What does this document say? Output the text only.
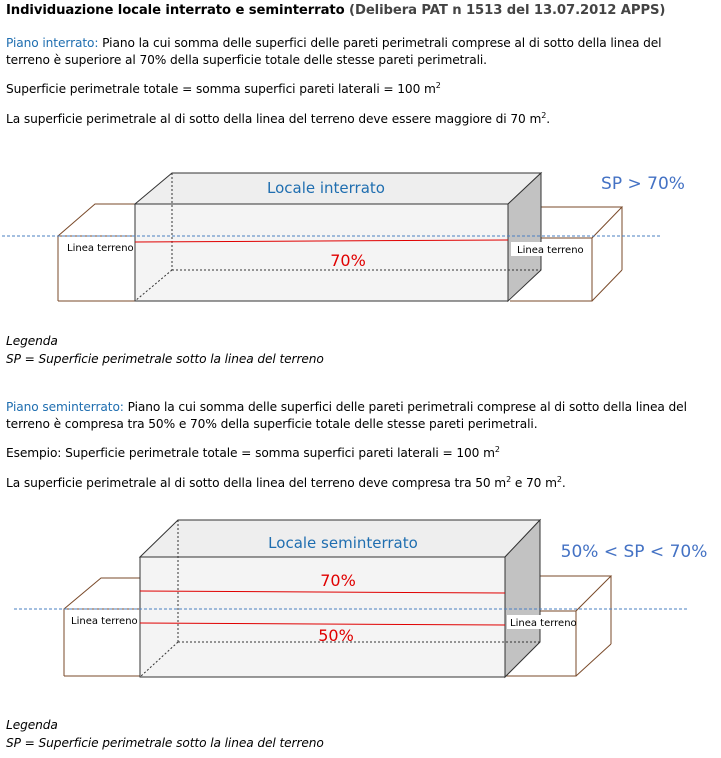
Individuazione locale interrato e seminterrato (Delibera PAT n 1513 del 13.07.2012 APPS)
Piano interrato: Piano la cui somma delle superfici delle pareti perimetrali comprese al di sotto della linea del terreno è superiore al 70% della superficie totale delle stesse pareti perimetrali.
Superficie perimetrale totale = somma superfici pareti laterali = 100 $m^2$
La superficie perimetrale al di sotto della linea del terreno deve essere maggiore di 70 $m^2$.
Linea terreno	Linea terreno
Locale interrato
70%
SP > 70%
Legenda
SP = Superficie perimetrale sotto la linea del terreno
Piano seminterrato: Piano la cui somma delle superfici delle pareti perimetrali comprese al di sotto della linea del terreno è compresa tra 50% e 70% della superficie totale delle stesse pareti perimetrali.
Esempio: Superficie perimetrale totale = somma superfici pareti laterali = 100 $m^2$
La superficie perimetrale al di sotto della linea del terreno deve compresa tra 50 $m^2$ e 70 $m^2$.
Linea terreno	Linea terreno
Locale seminterrato
70%
50%
50% < SP < 70%
Legenda
SP = Superficie perimetrale sotto la linea del terreno
